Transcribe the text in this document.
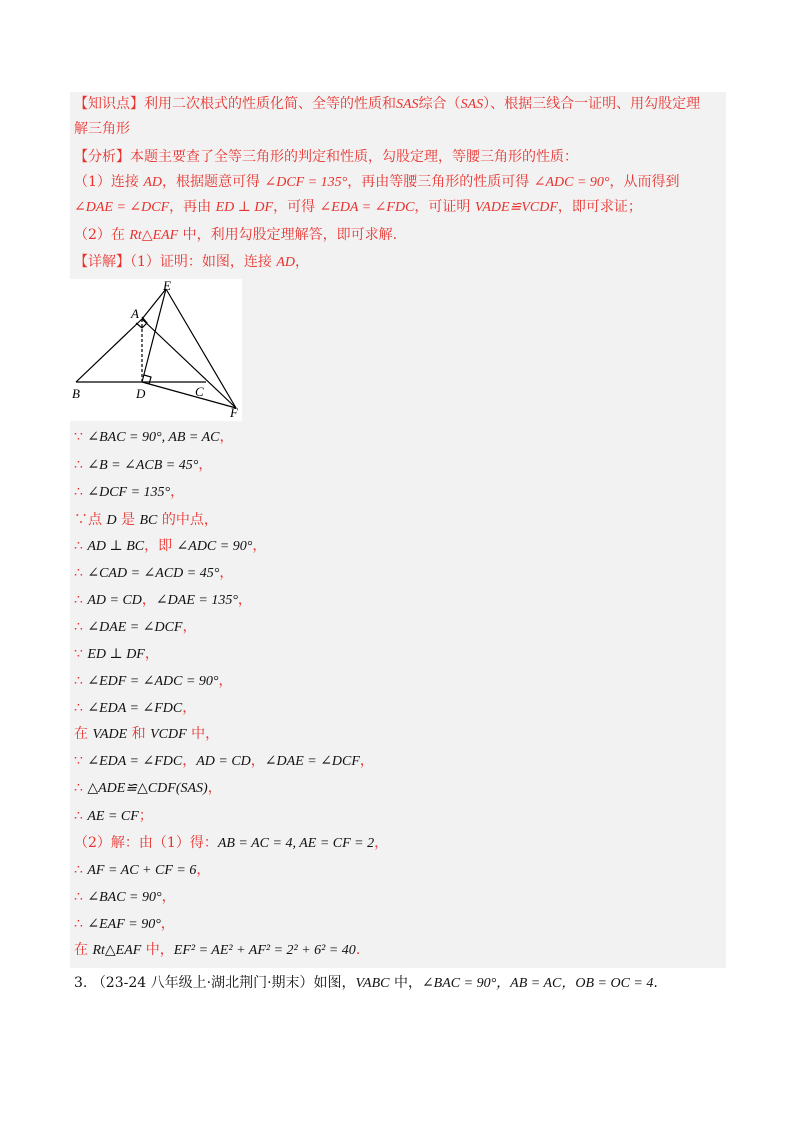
【知识点】利用二次根式的性质化简、全等的性质和SAS综合（SAS）、根据三线合一证明、用勾股定理
解三角形
【分析】本题主要查了全等三角形的判定和性质，勾股定理，等腰三角形的性质：
（1）连接 AD，根据题意可得 ∠DCF = 135°，再由等腰三角形的性质可得 ∠ADC = 90°，从而得到
∠DAE = ∠DCF，再由 ED ⊥ DF，可得 ∠EDA = ∠FDC，可证明 VADE≌VCDF，即可求证；
（2）在 Rt△EAF 中，利用勾股定理解答，即可求解.
【详解】（1）证明：如图，连接 AD，
∵ ∠BAC = 90°, AB = AC，
∴ ∠B = ∠ACB = 45°，
∴ ∠DCF = 135°，
∵点 D 是 BC 的中点，
∴ AD ⊥ BC，即 ∠ADC = 90°，
∴ ∠CAD = ∠ACD = 45°，
∴ AD = CD，∠DAE = 135°，
∴ ∠DAE = ∠DCF，
∵ ED ⊥ DF，
∴ ∠EDF = ∠ADC = 90°，
∴ ∠EDA = ∠FDC，
在 VADE 和 VCDF 中，
∵ ∠EDA = ∠FDC，AD = CD，∠DAE = ∠DCF，
∴ △ADE≌△CDF(SAS)，
∴ AE = CF；
（2）解：由（1）得：AB = AC = 4, AE = CF = 2，
∴ AF = AC + CF = 6，
∴ ∠BAC = 90°，
∴ ∠EAF = 90°，
在 Rt△EAF 中，EF² = AE² + AF² = 2² + 6² = 40.
E
A
B	D	C
F
3. （23-24 八年级上·湖北荆门·期末）如图，VABC 中，∠BAC = 90°，AB = AC，OB = OC = 4.
